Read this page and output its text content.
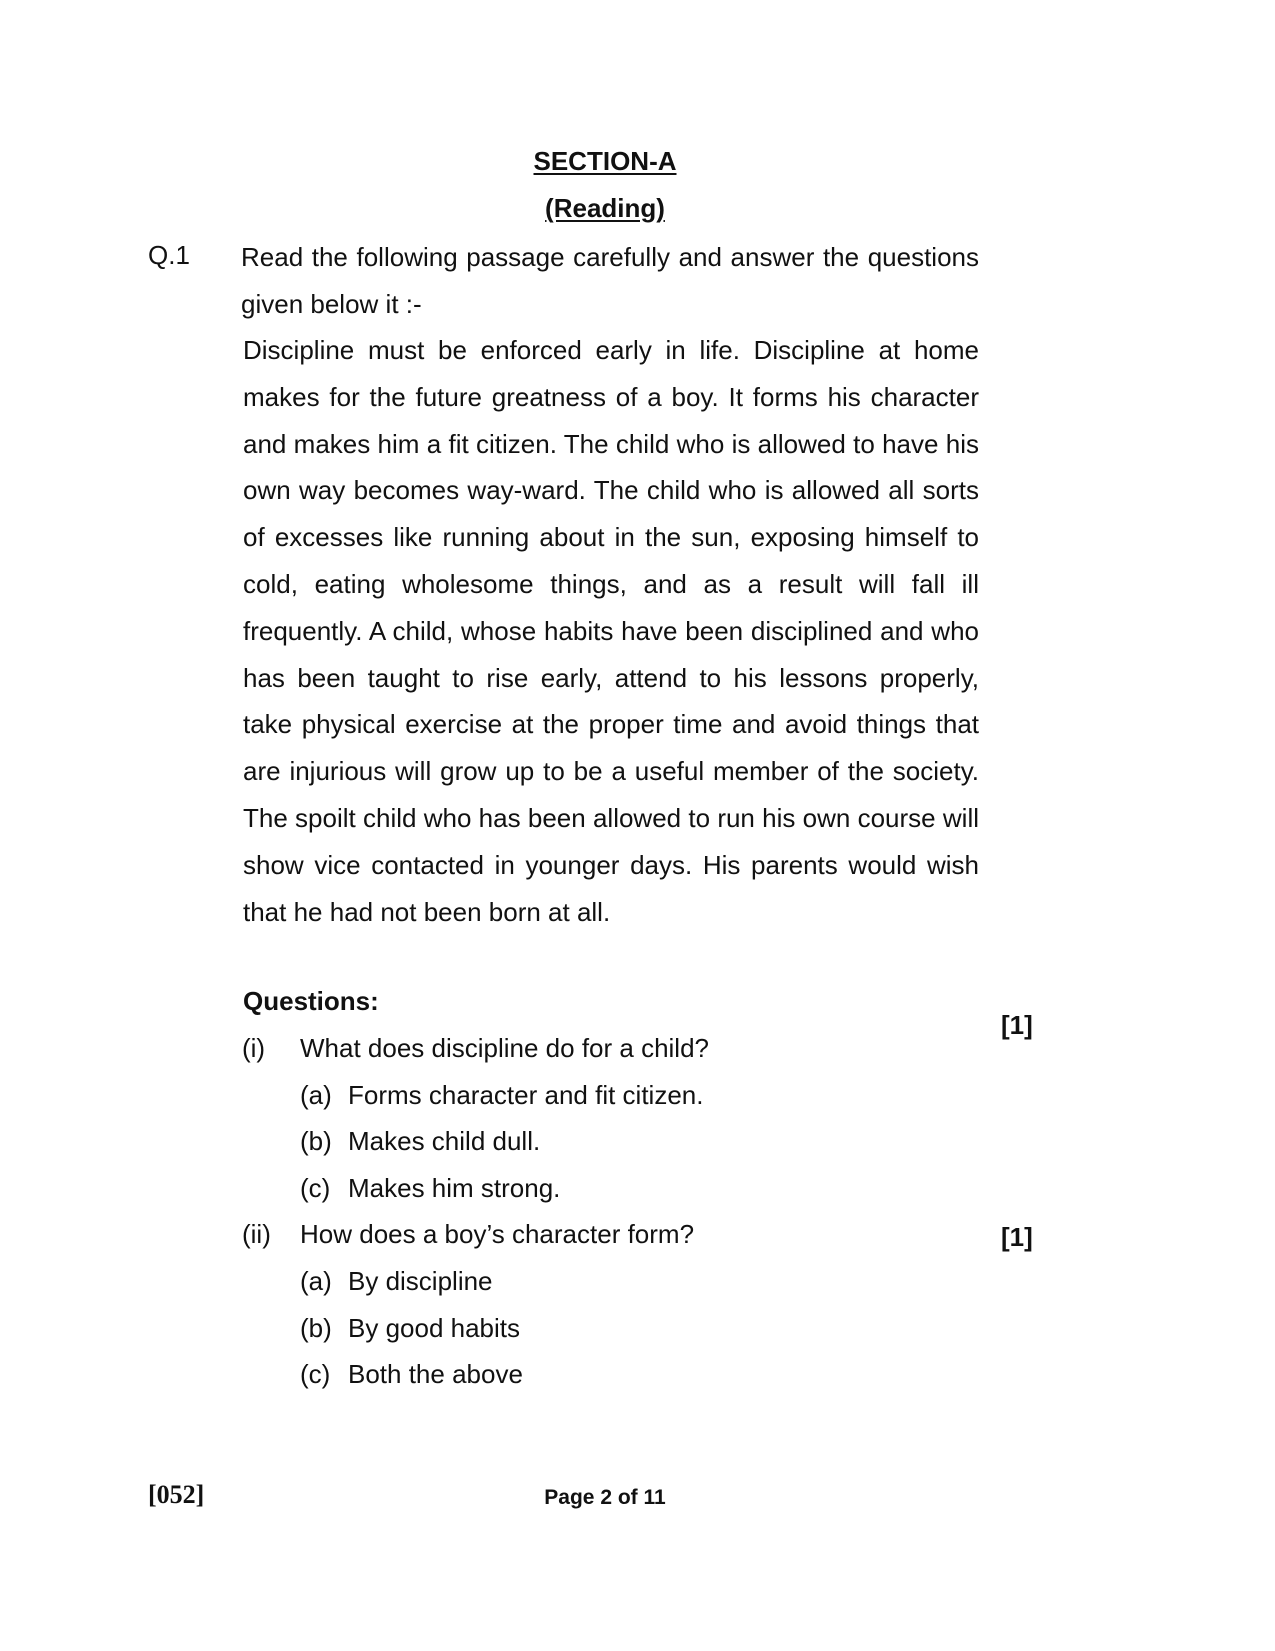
SECTION-A
(Reading)
Q.1 Read the following passage carefully and answer the questions given below it :-
Discipline must be enforced early in life. Discipline at home makes for the future greatness of a boy. It forms his character and makes him a fit citizen. The child who is allowed to have his own way becomes way-ward. The child who is allowed all sorts of excesses like running about in the sun, exposing himself to cold, eating wholesome things, and as a result will fall ill frequently. A child, whose habits have been disciplined and who has been taught to rise early, attend to his lessons properly, take physical exercise at the proper time and avoid things that are injurious will grow up to be a useful member of the society. The spoilt child who has been allowed to run his own course will show vice contacted in younger days. His parents would wish that he had not been born at all.
Questions:
[1]
(i) What does discipline do for a child?
(a) Forms character and fit citizen.
(b) Makes child dull.
(c) Makes him strong.
[1]
(ii) How does a boy’s character form?
(a) By discipline
(b) By good habits
(c) Both the above
[052]	Page 2 of 11
